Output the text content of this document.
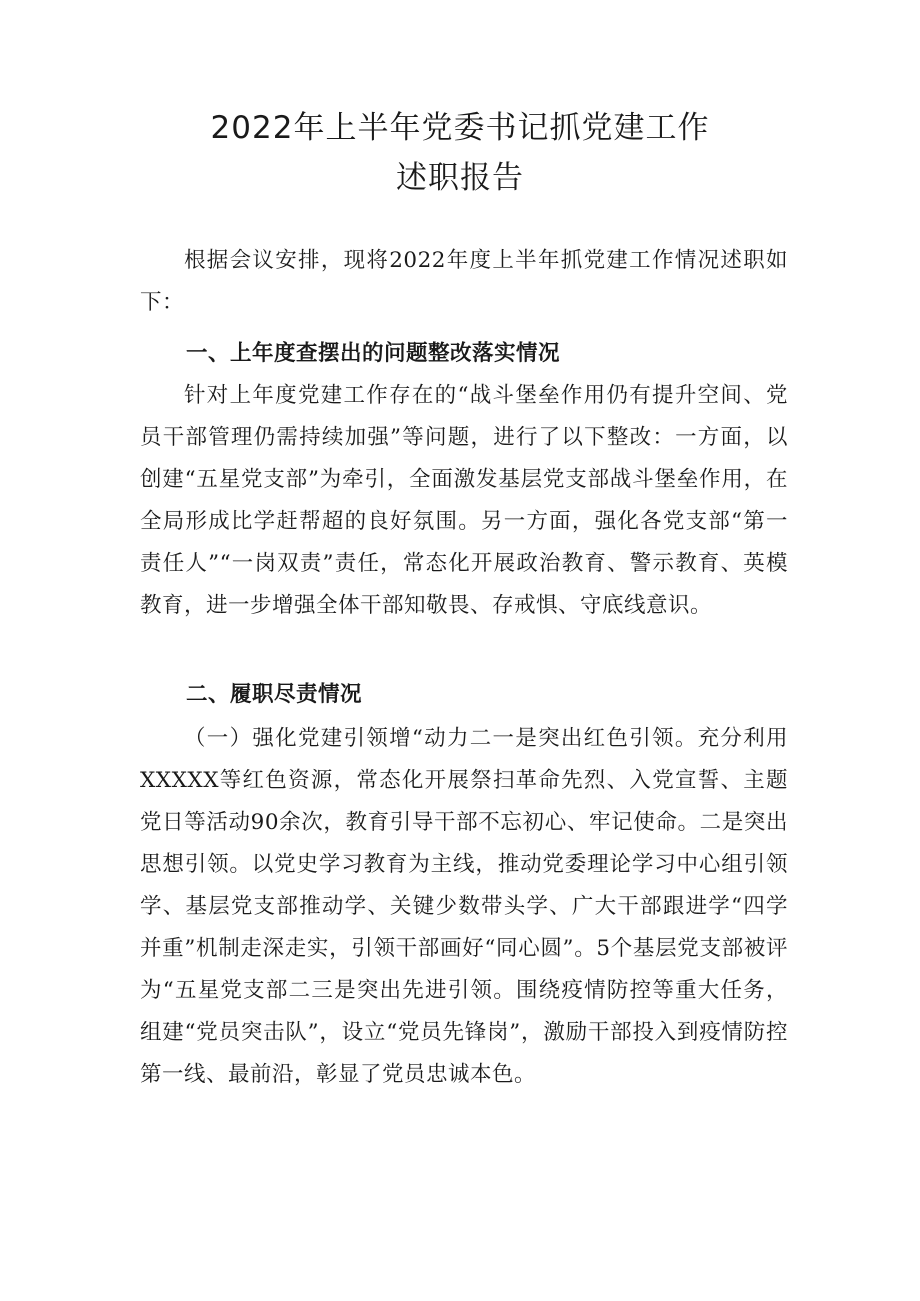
2022年上半年党委书记抓党建工作
述职报告

根据会议安排，现将2022年度上半年抓党建工作情况述职如下：

一、上年度查摆出的问题整改落实情况

针对上年度党建工作存在的“战斗堡垒作用仍有提升空间、党员干部管理仍需持续加强”等问题，进行了以下整改：一方面，以创建“五星党支部”为牵引，全面激发基层党支部战斗堡垒作用，在全局形成比学赶帮超的良好氛围。另一方面，强化各党支部“第一责任人”“一岗双责”责任，常态化开展政治教育、警示教育、英模教育，进一步增强全体干部知敬畏、存戒惧、守底线意识。

二、履职尽责情况

（一）强化党建引领增“动力二一是突出红色引领。充分利用XXXXX等红色资源，常态化开展祭扫革命先烈、入党宣誓、主题党日等活动90余次，教育引导干部不忘初心、牢记使命。二是突出思想引领。以党史学习教育为主线，推动党委理论学习中心组引领学、基层党支部推动学、关键少数带头学、广大干部跟进学“四学并重”机制走深走实，引领干部画好“同心圆”。5个基层党支部被评为“五星党支部二三是突出先进引领。围绕疫情防控等重大任务，组建“党员突击队”，设立“党员先锋岗”，激励干部投入到疫情防控第一线、最前沿，彰显了党员忠诚本色。
